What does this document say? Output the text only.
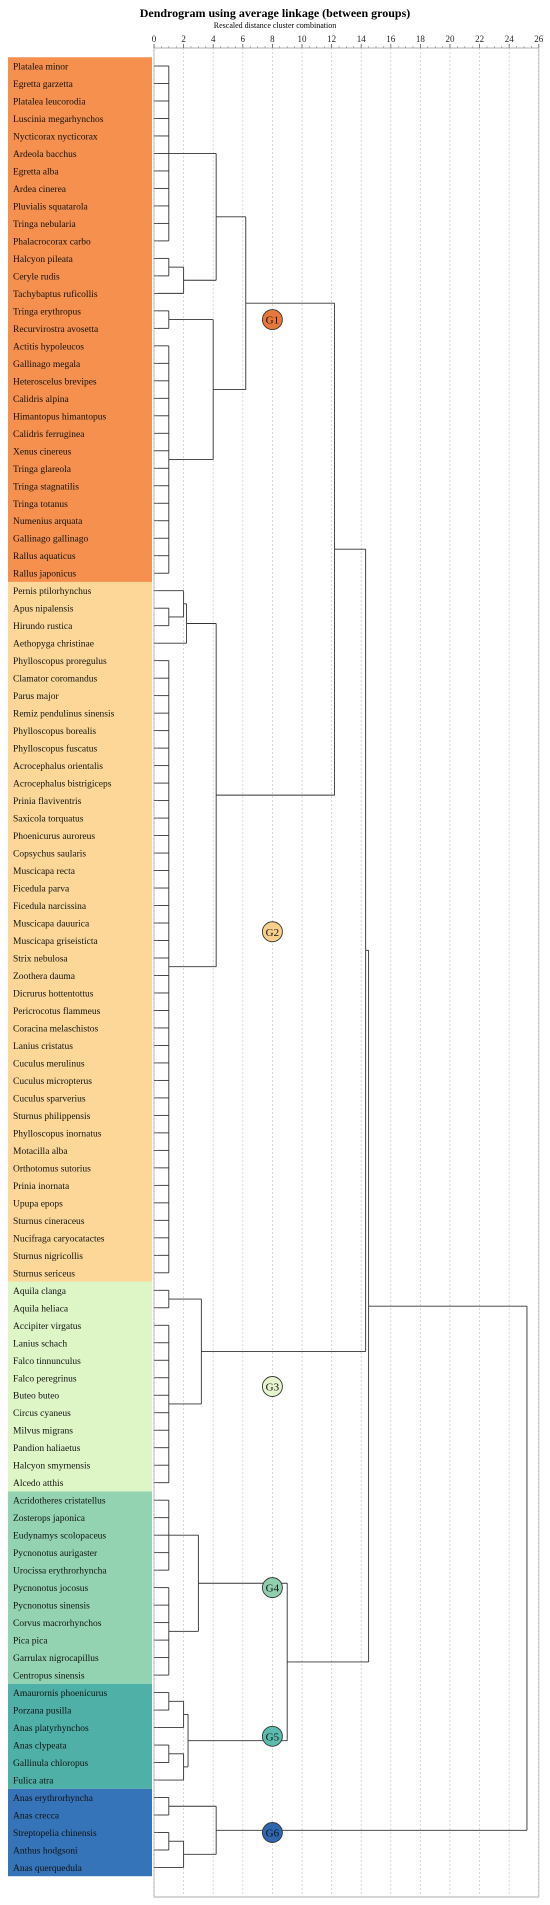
Dendrogram using average linkage (between groups)
Rescaled distance cluster combination
Platalea minor
Egretta garzetta
Platalea leucorodia
Luscinia megarhynchos
Nycticorax nycticorax
Ardeola bacchus
Egretta alba
Ardea cinerea
Pluvialis squatarola
Tringa nebularia
Phalacrocorax carbo
Halcyon pileata
Ceryle rudis
Tachybaptus ruficollis
Tringa erythropus
Recurvirostra avosetta
Actitis hypoleucos
Gallinago megala
Heteroscelus brevipes
Calidris alpina
Himantopus himantopus
Calidris ferruginea
Xenus cinereus
Tringa glareola
Tringa stagnatilis
Tringa totanus
Numenius arquata
Gallinago gallinago
Rallus aquaticus
Rallus japonicus
Pernis ptilorhynchus
Apus nipalensis
Hirundo rustica
Aethopyga christinae
Phylloscopus proregulus
Clamator coromandus
Parus major
Remiz pendulinus sinensis
Phylloscopus borealis
Phylloscopus fuscatus
Acrocephalus orientalis
Acrocephalus bistrigiceps
Prinia flaviventris
Saxicola torquatus
Phoenicurus auroreus
Copsychus saularis
Muscicapa recta
Ficedula parva
Ficedula narcissina
Muscicapa dauurica
Muscicapa griseisticta
Strix nebulosa
Zoothera dauma
Dicrurus hottentottus
Pericrocotus flammeus
Coracina melaschistos
Lanius cristatus
Cuculus merulinus
Cuculus micropterus
Cuculus sparverius
Sturnus philippensis
Phylloscopus inornatus
Motacilla alba
Orthotomus sutorius
Prinia inornata
Upupa epops
Sturnus cineraceus
Nucifraga caryocatactes
Sturnus nigricollis
Sturnus sericeus
Aquila clanga
Aquila heliaca
Accipiter virgatus
Lanius schach
Falco tinnunculus
Falco peregrinus
Buteo buteo
Circus cyaneus
Milvus migrans
Pandion haliaetus
Halcyon smyrnensis
Alcedo atthis
Acridotheres cristatellus
Zosterops japonica
Eudynamys scolopaceus
Pycnonotus aurigaster
Urocissa erythrorhyncha
Pycnonotus jocosus
Pycnonotus sinensis
Corvus macrorhynchos
Pica pica
Garrulax nigrocapillus
Centropus sinensis
Amaurornis phoenicurus
Porzana pusilla
Anas platyrhynchos
Anas clypeata
Gallinula chloropus
Fulica atra
Anas erythrorhyncha
Anas crecca
Streptopelia chinensis
Anthus hodgsoni
Anas querquedula
0	2	4	6	8	10 12 14 16 18 20 22 24 26
G1
G2
G3
G4
G5
G6
